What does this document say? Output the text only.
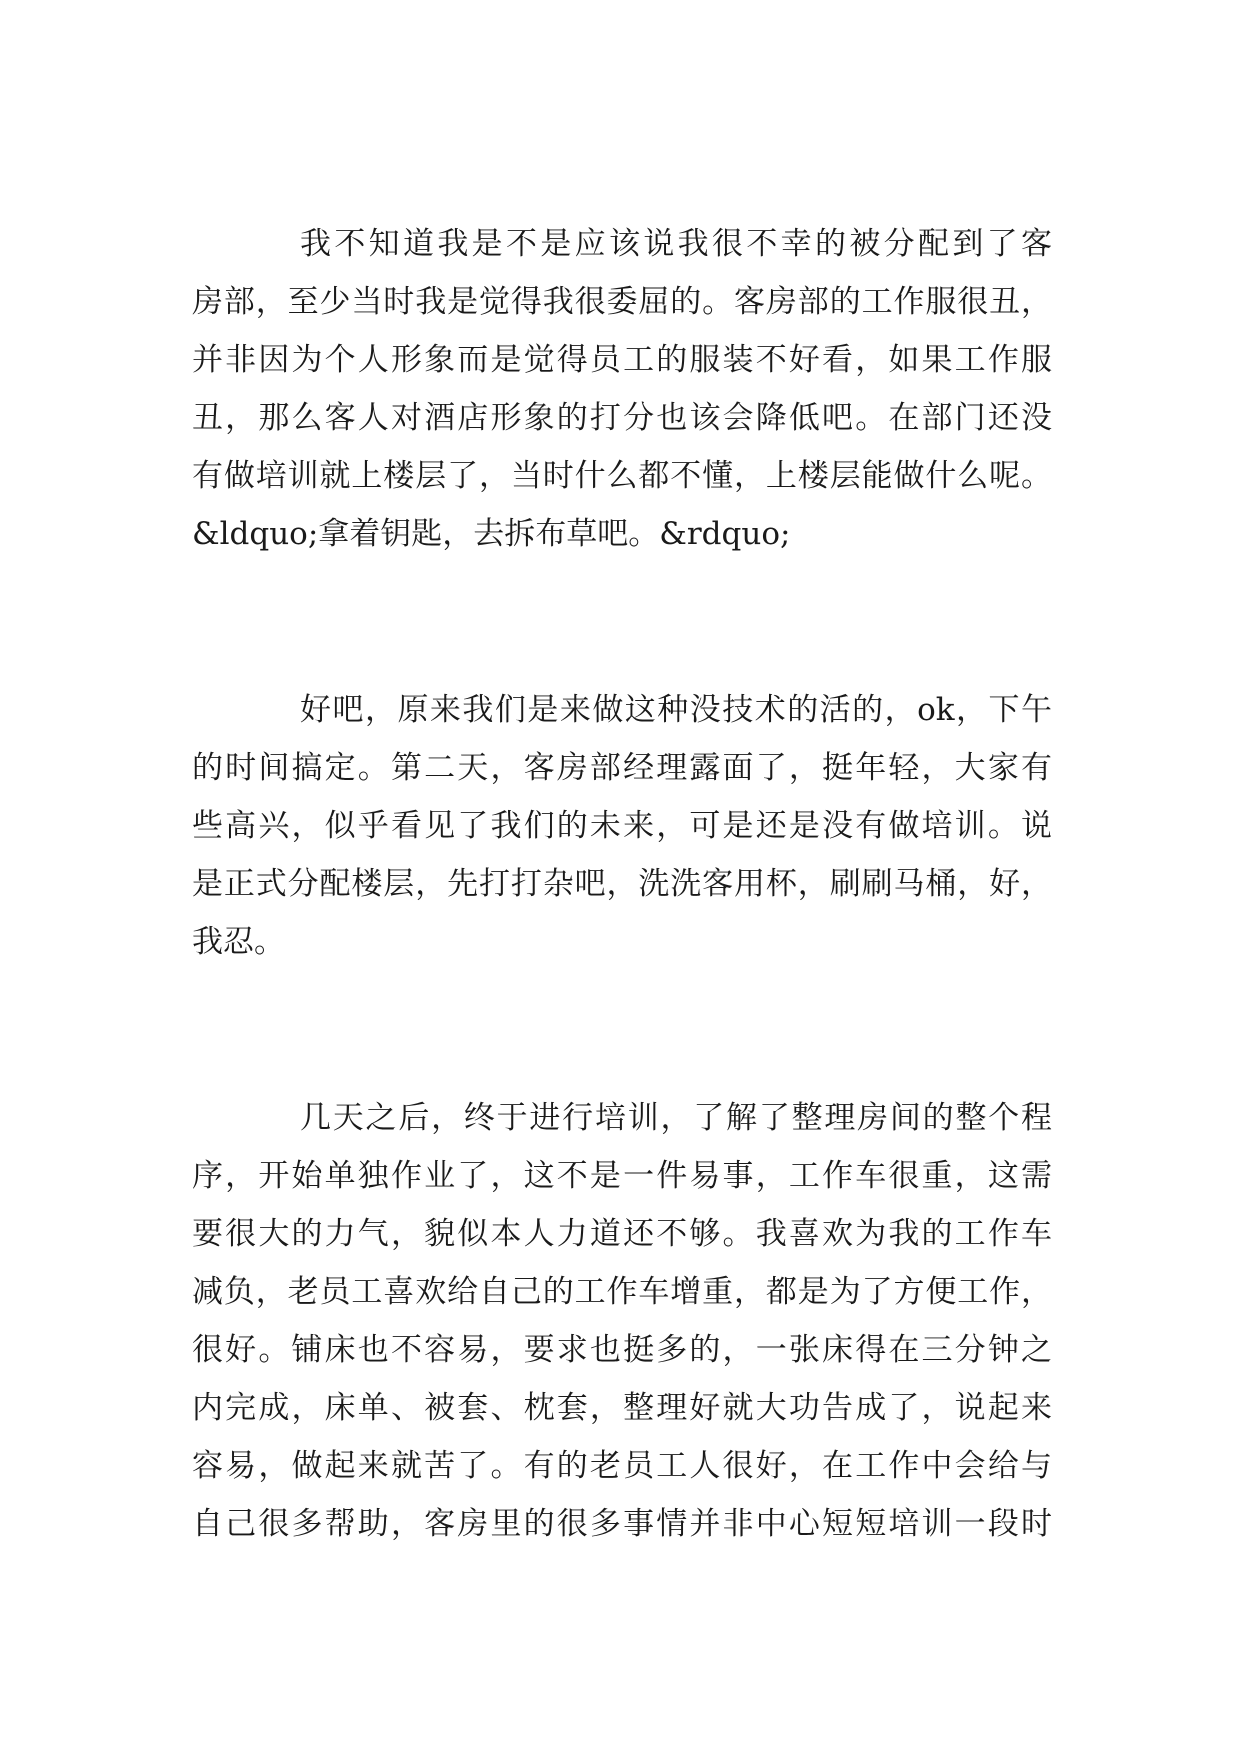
我不知道我是不是应该说我很不幸的被分配到了客
房部，至少当时我是觉得我很委屈的。客房部的工作服很丑，
并非因为个人形象而是觉得员工的服装不好看，如果工作服
丑，那么客人对酒店形象的打分也该会降低吧。在部门还没
有做培训就上楼层了，当时什么都不懂，上楼层能做什么呢。
&ldquo;拿着钥匙，去拆布草吧。&rdquo;
好吧，原来我们是来做这种没技术的活的，ok，下午
的时间搞定。第二天，客房部经理露面了，挺年轻，大家有
些高兴，似乎看见了我们的未来，可是还是没有做培训。说
是正式分配楼层，先打打杂吧，洗洗客用杯，刷刷马桶，好，
我忍。
几天之后，终于进行培训，了解了整理房间的整个程
序，开始单独作业了，这不是一件易事，工作车很重，这需
要很大的力气，貌似本人力道还不够。我喜欢为我的工作车
减负，老员工喜欢给自己的工作车增重，都是为了方便工作，
很好。铺床也不容易，要求也挺多的，一张床得在三分钟之
内完成，床单、被套、枕套，整理好就大功告成了，说起来
容易，做起来就苦了。有的老员工人很好，在工作中会给与
自己很多帮助，客房里的很多事情并非中心短短培训一段时
